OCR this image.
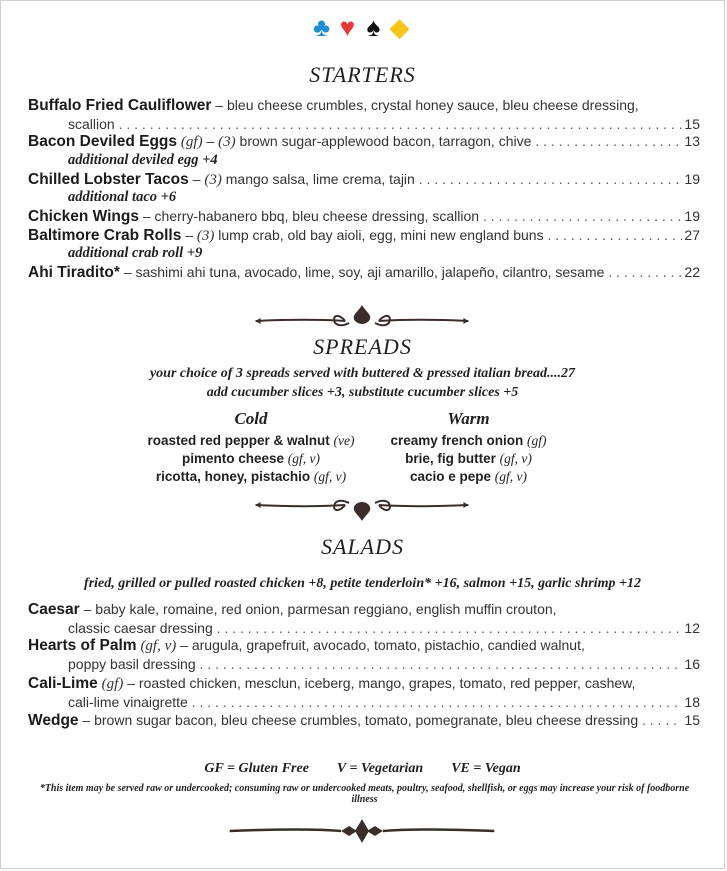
♣ ♥ ♠ ◆
STARTERS
Buffalo Fried Cauliflower – bleu cheese crumbles, crystal honey sauce, bleu cheese dressing,
scallion . . .	15
Bacon Deviled Eggs (gf) – (3) brown sugar-applewood bacon, tarragon, chive . . .	13
additional deviled egg +4
Chilled Lobster Tacos – (3) mango salsa, lime crema, tajin . . .	19
additional taco +6
Chicken Wings – cherry-habanero bbq, bleu cheese dressing, scallion . . .	19
Baltimore Crab Rolls – (3) lump crab, old bay aioli, egg, mini new england buns . . .	27
additional crab roll +9
Ahi Tiradito* – sashimi ahi tuna, avocado, lime, soy, aji amarillo, jalapeño, cilantro, sesame . . .	22
SPREADS
your choice of 3 spreads served with buttered & pressed italian bread....27
add cucumber slices +3, substitute cucumber slices +5
Cold
roasted red pepper & walnut (ve)
pimento cheese (gf, v)
ricotta, honey, pistachio (gf, v)
Warm
creamy french onion (gf)
brie, fig butter (gf, v)
cacio e pepe (gf, v)
SALADS
fried, grilled or pulled roasted chicken +8, petite tenderloin* +16, salmon +15, garlic shrimp +12
Caesar – baby kale, romaine, red onion, parmesan reggiano, english muffin crouton,
classic caesar dressing . . .	12
Hearts of Palm (gf, v) – arugula, grapefruit, avocado, tomato, pistachio, candied walnut,
poppy basil dressing . . .	16
Cali-Lime (gf) – roasted chicken, mesclun, iceberg, mango, grapes, tomato, red pepper, cashew,
cali-lime vinaigrette . . .	18
Wedge – brown sugar bacon, bleu cheese crumbles, tomato, pomegranate, bleu cheese dressing . . .	15
GF = Gluten Free V = Vegetarian VE = Vegan
*This item may be served raw or undercooked; consuming raw or undercooked meats, poultry, seafood, shellfish, or eggs may increase your risk of foodborne illness
